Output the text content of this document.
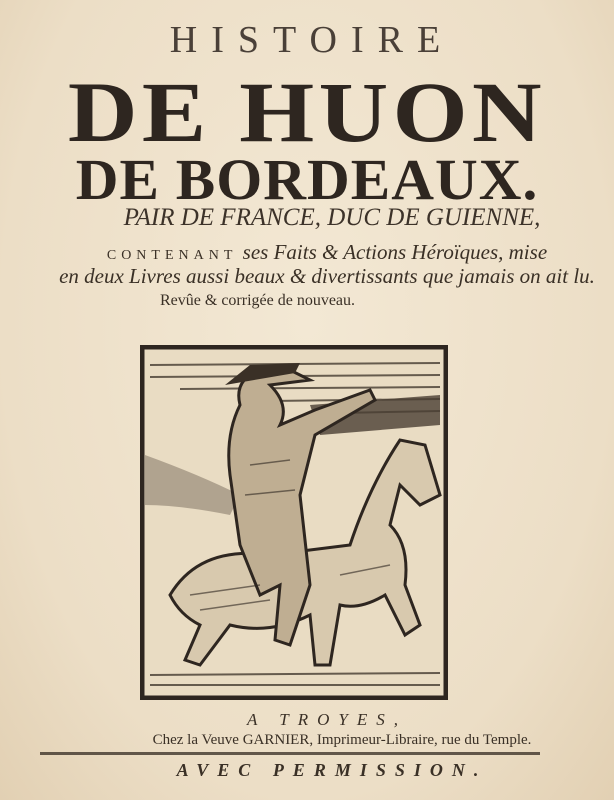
HISTOIRE
DE HUON
DE BORDEAUX.
PAIR DE FRANCE, DUC DE GUIENNE,
CONTENANT ses Faits & Actions Héroïques, mise
en deux Livres aussi beaux & divertissants que jamais on ait lu.
Revûe & corrigée de nouveau.
A TROYES,
Chez la Veuve GARNIER, Imprimeur-Libraire, rue du Temple.
AVEC PERMISSION.
